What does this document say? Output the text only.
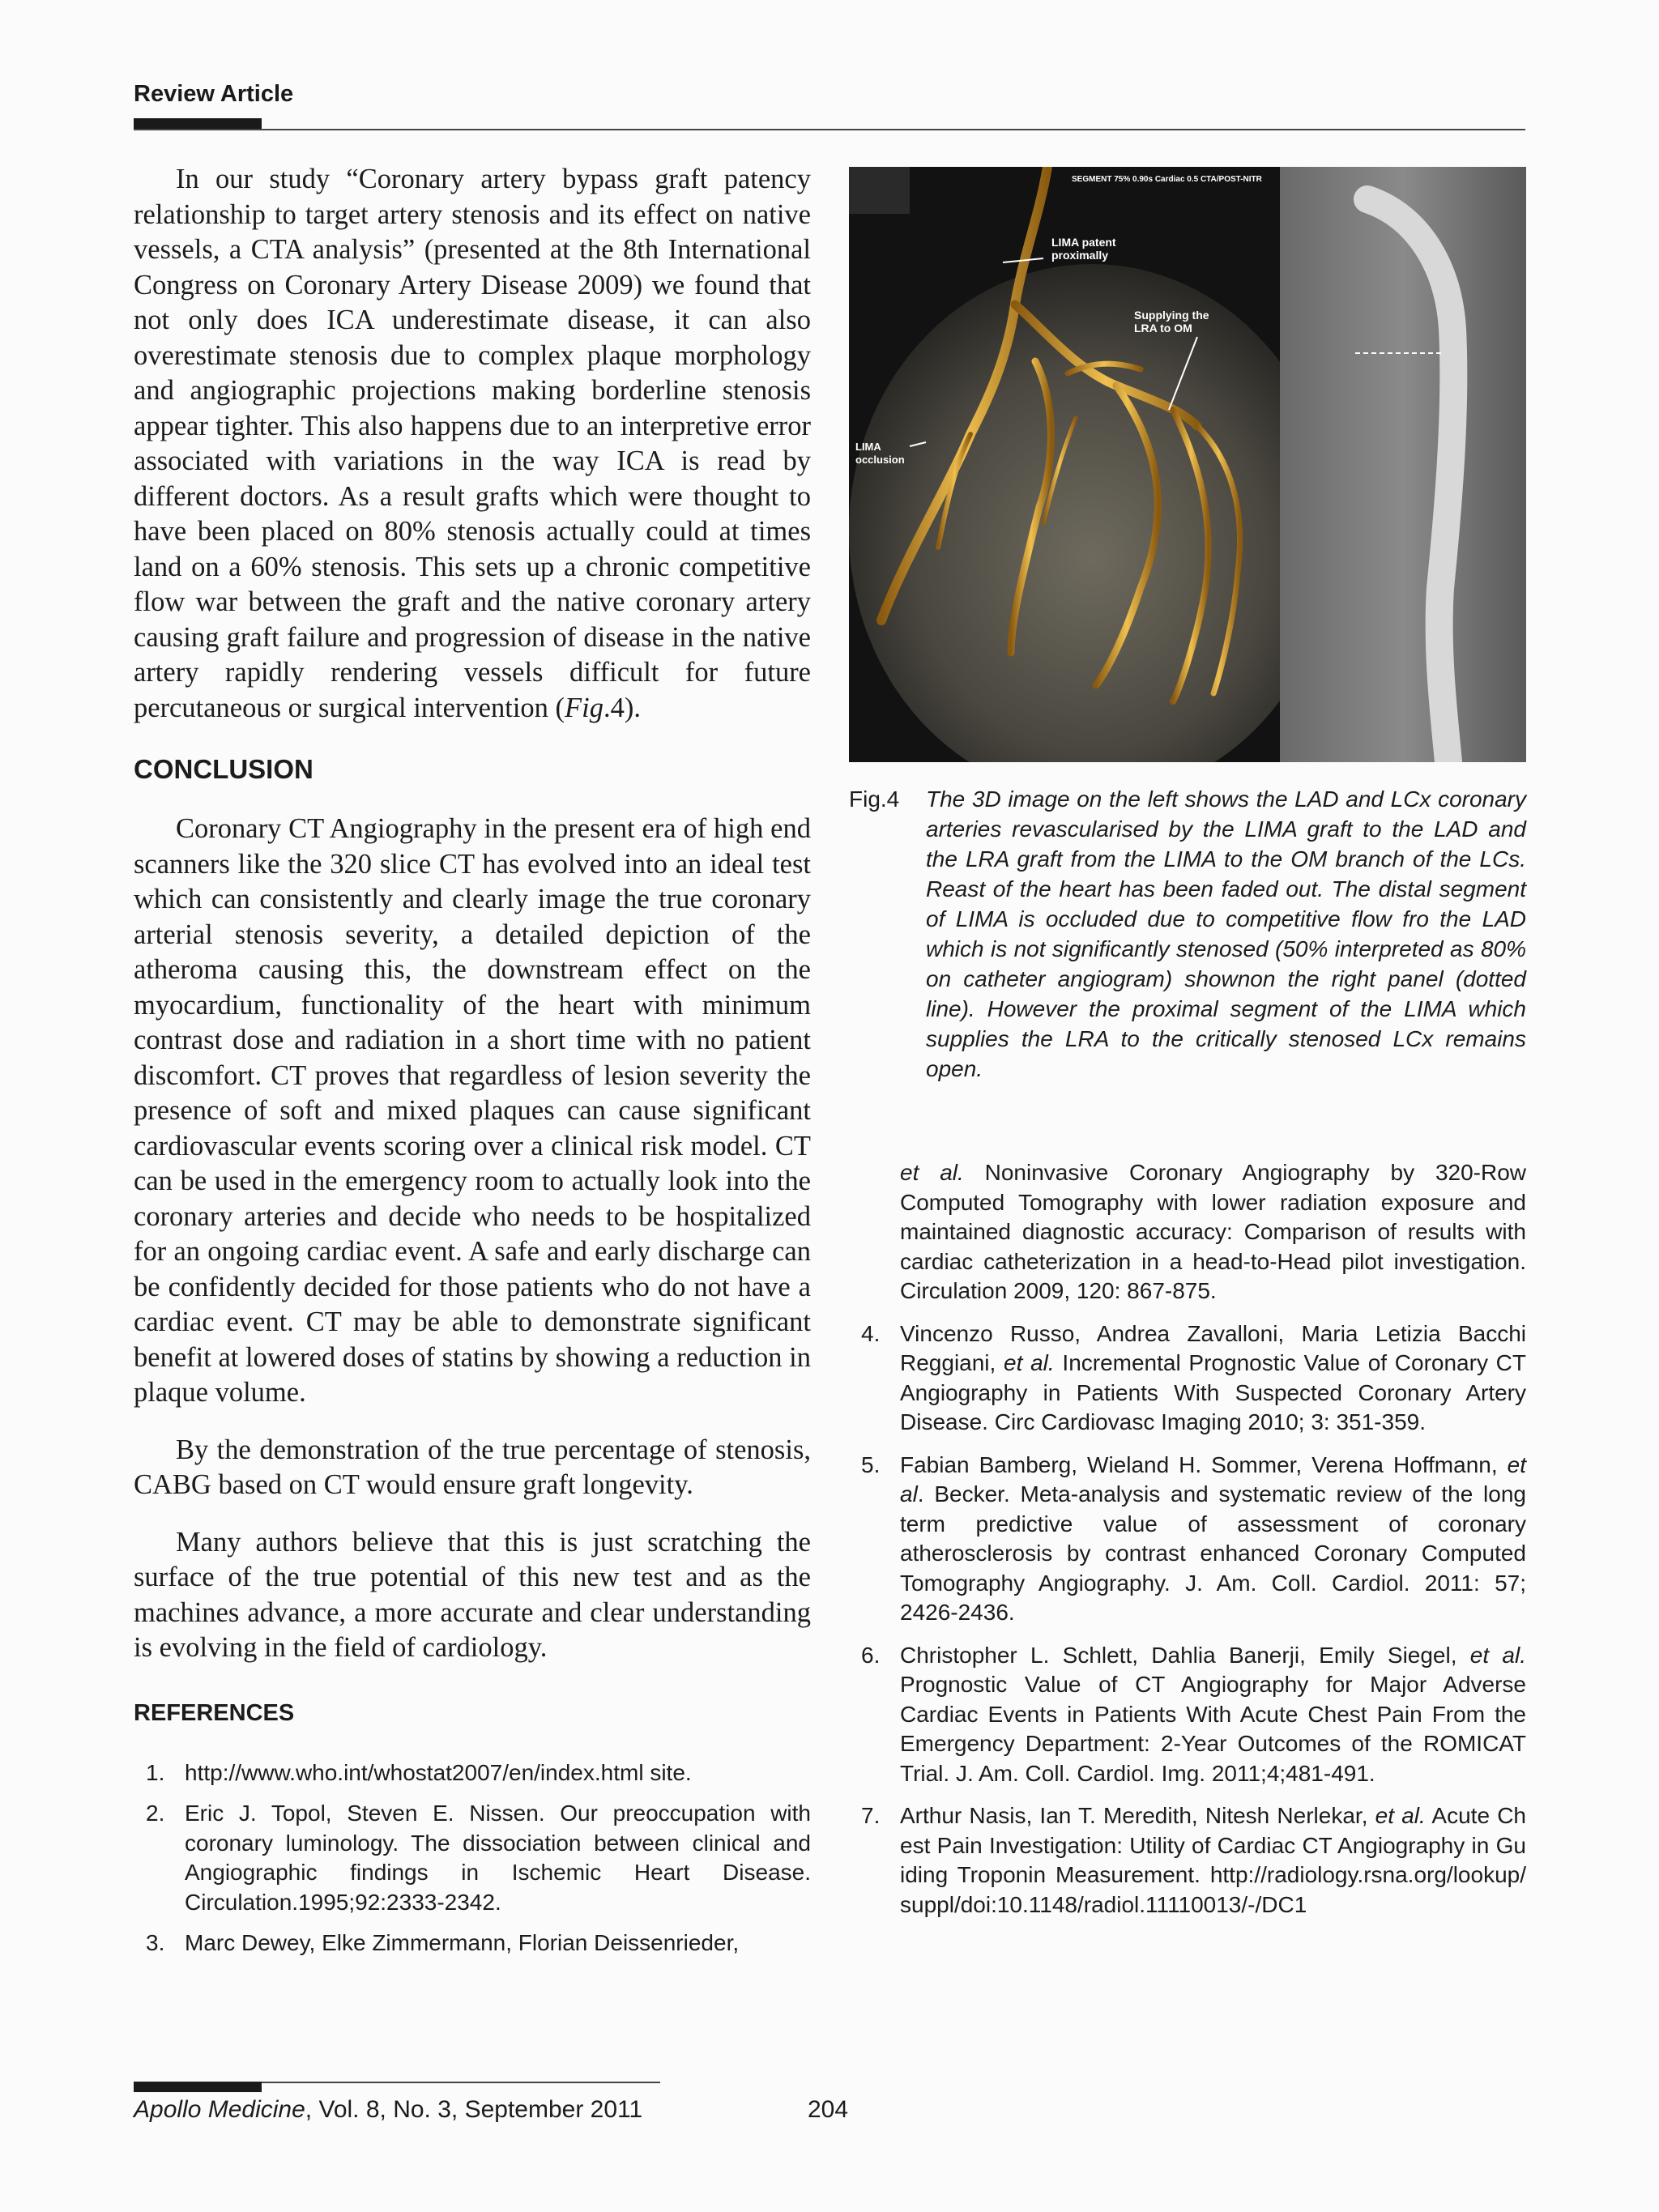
Review Article

In our study “Coronary artery bypass graft patency relationship to target artery stenosis and its effect on native vessels, a CTA analysis” (presented at the 8th International Congress on Coronary Artery Disease 2009) we found that not only does ICA underestimate disease, it can also overestimate stenosis due to complex plaque morphology and angiographic projections making borderline stenosis appear tighter. This also happens due to an interpretive error associated with variations in the way ICA is read by different doctors. As a result grafts which were thought to have been placed on 80% stenosis actually could at times land on a 60% stenosis. This sets up a chronic competitive flow war between the graft and the native coronary artery causing graft failure and progression of disease in the native artery rapidly rendering vessels difficult for future percutaneous or surgical intervention (Fig.4).

CONCLUSION

Coronary CT Angiography in the present era of high end scanners like the 320 slice CT has evolved into an ideal test which can consistently and clearly image the true coronary arterial stenosis severity, a detailed depiction of the atheroma causing this, the downstream effect on the myocardium, functionality of the heart with minimum contrast dose and radiation in a short time with no patient discomfort. CT proves that regardless of lesion severity the presence of soft and mixed plaques can cause significant cardiovascular events scoring over a clinical risk model. CT can be used in the emergency room to actually look into the coronary arteries and decide who needs to be hospitalized for an ongoing cardiac event. A safe and early discharge can be confidently decided for those patients who do not have a cardiac event. CT may be able to demonstrate significant benefit at lowered doses of statins by showing a reduction in plaque volume.

By the demonstration of the true percentage of stenosis, CABG based on CT would ensure graft longevity.

Many authors believe that this is just scratching the surface of the true potential of this new test and as the machines advance, a more accurate and clear understanding is evolving in the field of cardiology.

REFERENCES
1. http://www.who.int/whostat2007/en/index.html site.
2. Eric J. Topol, Steven E. Nissen. Our preoccupation with coronary luminology. The dissociation between clinical and Angiographic findings in Ischemic Heart Disease. Circulation.1995;92:2333-2342.
3. Marc Dewey, Elke Zimmermann, Florian Deissenrieder,
SEGMENT 75% 0.90s Cardiac 0.5 CTA/POST-NITR
LIMA patent
proximally
Supplying the
LRA to OM
LIMA
occlusion
Fig.4	The 3D image on the left shows the LAD and LCx coronary arteries revascularised by the LIMA graft to the LAD and the LRA graft from the LIMA to the OM branch of the LCs. Reast of the heart has been faded out. The distal segment of LIMA is occluded due to competitive flow fro the LAD which is not significantly stenosed (50% interpreted as 80% on catheter angiogram) shownon the right panel (dotted line). However the proximal segment of the LIMA which supplies the LRA to the critically stenosed LCx remains open.
et al. Noninvasive Coronary Angiography by 320-Row Computed Tomography with lower radiation exposure and maintained diagnostic accuracy: Comparison of results with cardiac catheterization in a head-to-Head pilot investigation. Circulation 2009, 120: 867-875.
4. Vincenzo Russo, Andrea Zavalloni, Maria Letizia Bacchi Reggiani, et al. Incremental Prognostic Value of Coronary CT Angiography in Patients With Suspected Coronary Artery Disease. Circ Cardiovasc Imaging 2010; 3: 351-359.
5. Fabian Bamberg, Wieland H. Sommer, Verena Hoffmann, et al. Becker. Meta-analysis and systematic review of the long term predictive value of assessment of coronary atherosclerosis by contrast enhanced Coronary Computed Tomography Angiography. J. Am. Coll. Cardiol. 2011: 57; 2426-2436.
6. Christopher L. Schlett, Dahlia Banerji, Emily Siegel, et al. Prognostic Value of CT Angiography for Major Adverse Cardiac Events in Patients With Acute Chest Pain From the Emergency Department: 2-Year Outcomes of the ROMICAT Trial. J. Am. Coll. Cardiol. Img. 2011;4;481-491.
7. Arthur Nasis, Ian T. Meredith, Nitesh Nerlekar, et al. Acute Chest Pain Investigation: Utility of Cardiac CT Angiography in Guiding Troponin Measurement. http://radiology.rsna.org/lookup/suppl/doi:10.1148/radiol.11110013/-/DC1
Apollo Medicine, Vol. 8, No. 3, September 2011	204
